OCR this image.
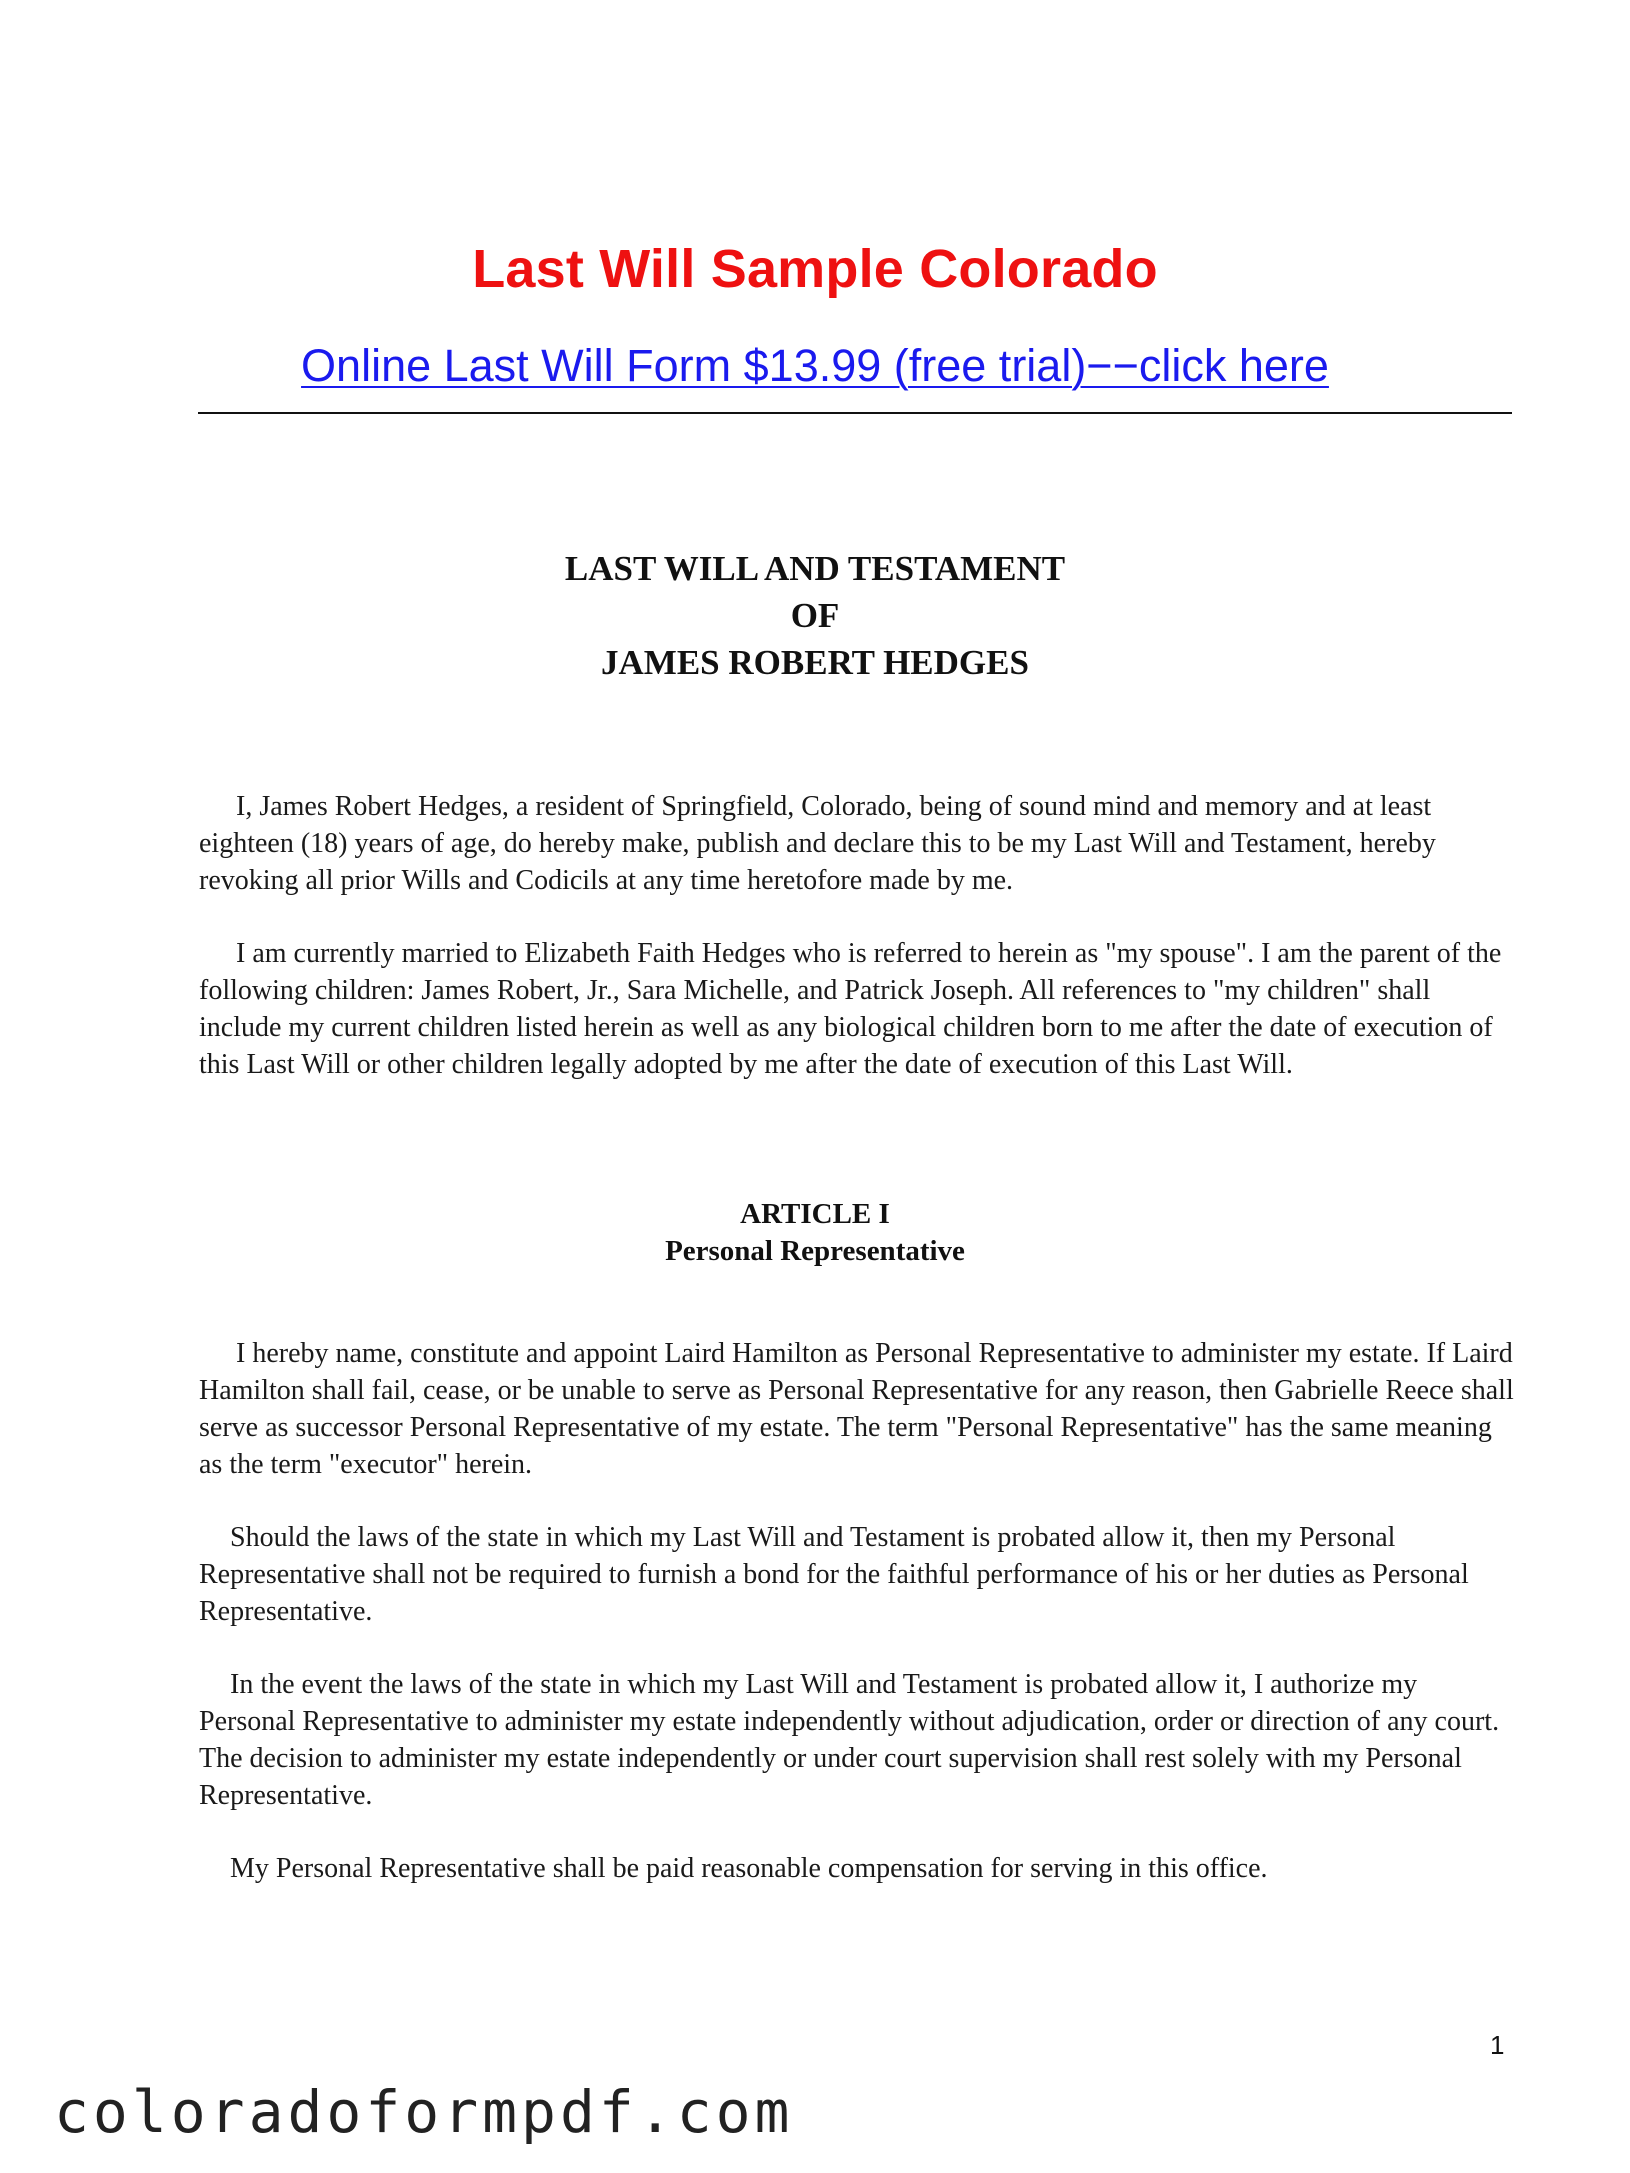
Last Will Sample Colorado
Online Last Will Form $13.99 (free trial)−−click here
LAST WILL AND TESTAMENT
OF
JAMES ROBERT HEDGES

I, James Robert Hedges, a resident of Springfield, Colorado, being of sound mind and memory and at least eighteen (18) years of age, do hereby make, publish and declare this to be my Last Will and Testament, hereby revoking all prior Wills and Codicils at any time heretofore made by me.

I am currently married to Elizabeth Faith Hedges who is referred to herein as "my spouse". I am the parent of the following children: James Robert, Jr., Sara Michelle, and Patrick Joseph. All references to "my children" shall include my current children listed herein as well as any biological children born to me after the date of execution of this Last Will or other children legally adopted by me after the date of execution of this Last Will.

ARTICLE I
Personal Representative

I hereby name, constitute and appoint Laird Hamilton as Personal Representative to administer my estate. If Laird Hamilton shall fail, cease, or be unable to serve as Personal Representative for any reason, then Gabrielle Reece shall serve as successor Personal Representative of my estate. The term "Personal Representative" has the same meaning as the term "executor" herein.

Should the laws of the state in which my Last Will and Testament is probated allow it, then my Personal Representative shall not be required to furnish a bond for the faithful performance of his or her duties as Personal Representative.

In the event the laws of the state in which my Last Will and Testament is probated allow it, I authorize my Personal Representative to administer my estate independently without adjudication, order or direction of any court. The decision to administer my estate independently or under court supervision shall rest solely with my Personal Representative.

My Personal Representative shall be paid reasonable compensation for serving in this office.

1
coloradoformpdf.com
